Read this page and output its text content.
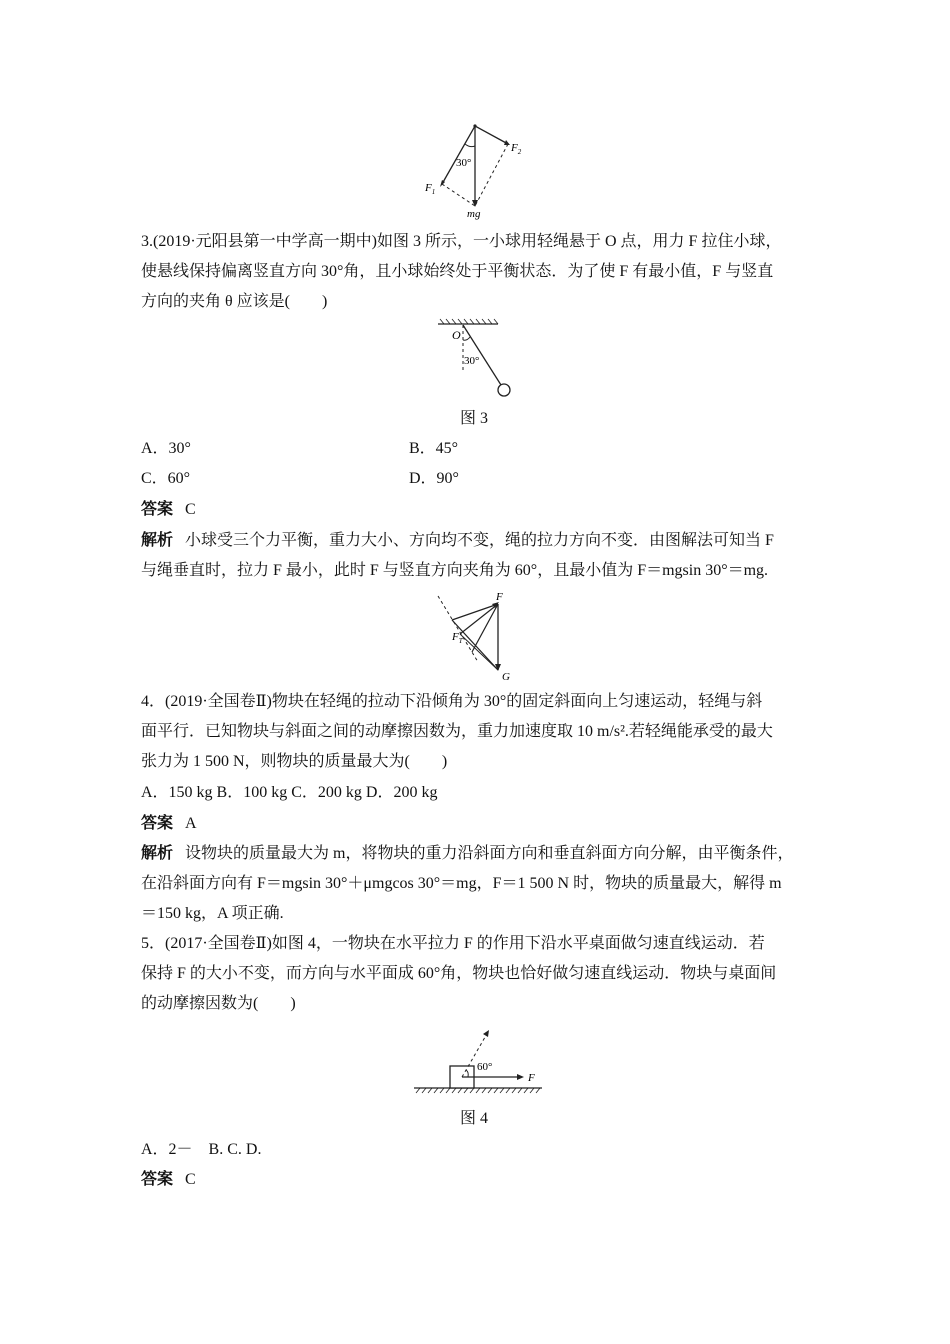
$F_2$
30°
$F_1$
mg
3.(2019·元阳县第一中学高一期中)如图 3 所示，一小球用轻绳悬于 O 点，用力 F 拉住小球，
使悬线保持偏离竖直方向 30°角，且小球始终处于平衡状态．为了使 F 有最小值，F 与竖直
方向的夹角 θ 应该是(　　)
O
30°
图 3
A．30°	B．45°
C．60°	D．90°
答案 C
解析 小球受三个力平衡，重力大小、方向均不变，绳的拉力方向不变．由图解法可知当 F
与绳垂直时，拉力 F 最小，此时 F 与竖直方向夹角为 60°，且最小值为 F＝mgsin 30°＝mg.
F
$F_T$
G
4．(2019·全国卷Ⅱ)物块在轻绳的拉动下沿倾角为 30°的固定斜面向上匀速运动，轻绳与斜
面平行．已知物块与斜面之间的动摩擦因数为，重力加速度取 10 m/s².若轻绳能承受的最大
张力为 1 500 N，则物块的质量最大为(　　)
A．150 kg B．100 kg C．200 kg D．200 kg
答案 A
解析 设物块的质量最大为 m，将物块的重力沿斜面方向和垂直斜面方向分解，由平衡条件，
在沿斜面方向有 F＝mgsin 30°＋μmgcos 30°＝mg，F＝1 500 N 时，物块的质量最大，解得 m
＝150 kg，A 项正确.
5．(2017·全国卷Ⅱ)如图 4，一物块在水平拉力 F 的作用下沿水平桌面做匀速直线运动．若
保持 F 的大小不变，而方向与水平面成 60°角，物块也恰好做匀速直线运动．物块与桌面间
的动摩擦因数为(　　)
60°
F
图 4
A．2－　B. C. D.
答案 C
